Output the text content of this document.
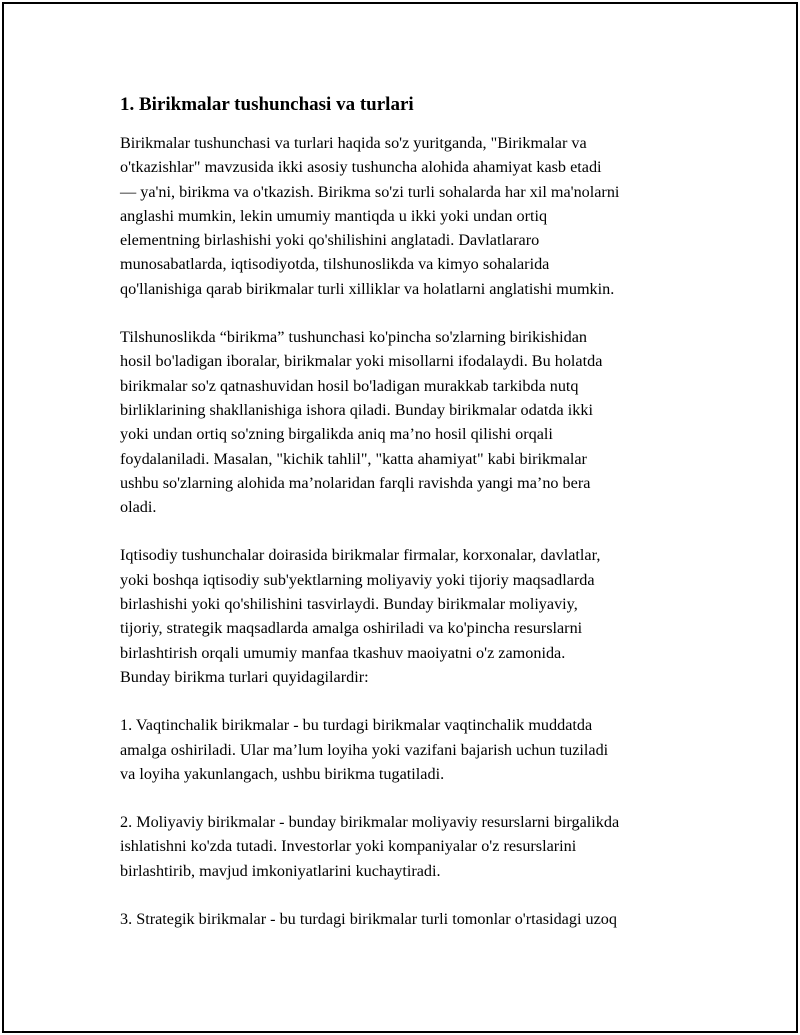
1. Birikmalar tushunchasi va turlari

Birikmalar tushunchasi va turlari haqida so'z yuritganda, "Birikmalar va
o'tkazishlar" mavzusida ikki asosiy tushuncha alohida ahamiyat kasb etadi
— ya'ni, birikma va o'tkazish. Birikma so'zi turli sohalarda har xil ma'nolarni
anglashi mumkin, lekin umumiy mantiqda u ikki yoki undan ortiq
elementning birlashishi yoki qo'shilishini anglatadi. Davlatlararo
munosabatlarda, iqtisodiyotda, tilshunoslikda va kimyo sohalarida
qo'llanishiga qarab birikmalar turli xilliklar va holatlarni anglatishi mumkin.

Tilshunoslikda “birikma” tushunchasi ko'pincha so'zlarning birikishidan
hosil bo'ladigan iboralar, birikmalar yoki misollarni ifodalaydi. Bu holatda
birikmalar so'z qatnashuvidan hosil bo'ladigan murakkab tarkibda nutq
birliklarining shakllanishiga ishora qiladi. Bunday birikmalar odatda ikki
yoki undan ortiq so'zning birgalikda aniq ma’no hosil qilishi orqali
foydalaniladi. Masalan, "kichik tahlil", "katta ahamiyat" kabi birikmalar
ushbu so'zlarning alohida ma’nolaridan farqli ravishda yangi ma’no bera
oladi.

Iqtisodiy tushunchalar doirasida birikmalar firmalar, korxonalar, davlatlar,
yoki boshqa iqtisodiy sub'yektlarning moliyaviy yoki tijoriy maqsadlarda
birlashishi yoki qo'shilishini tasvirlaydi. Bunday birikmalar moliyaviy,
tijoriy, strategik maqsadlarda amalga oshiriladi va ko'pincha resurslarni
birlashtirish orqali umumiy manfaa tkashuv maoiyatni o'z zamonida.
Bunday birikma turlari quyidagilardir:

1. Vaqtinchalik birikmalar - bu turdagi birikmalar vaqtinchalik muddatda
amalga oshiriladi. Ular ma’lum loyiha yoki vazifani bajarish uchun tuziladi
va loyiha yakunlangach, ushbu birikma tugatiladi.

2. Moliyaviy birikmalar - bunday birikmalar moliyaviy resurslarni birgalikda
ishlatishni ko'zda tutadi. Investorlar yoki kompaniyalar o'z resurslarini
birlashtirib, mavjud imkoniyatlarini kuchaytiradi.

3. Strategik birikmalar - bu turdagi birikmalar turli tomonlar o'rtasidagi uzoq
